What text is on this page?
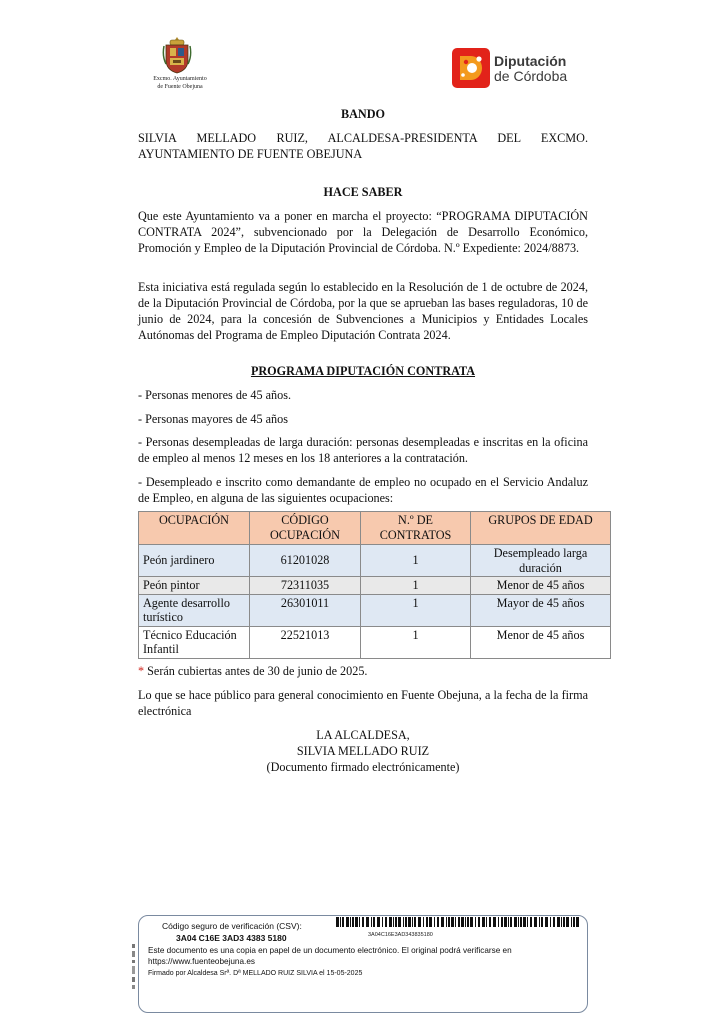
Excmo. Ayuntamiento
de Fuente Obejuna
Diputación
de Córdoba
BANDO
SILVIA MELLADO RUIZ, ALCALDESA-PRESIDENTA DEL EXCMO.
AYUNTAMIENTO DE FUENTE OBEJUNA
HACE SABER
Que este Ayuntamiento va a poner en marcha el proyecto: “PROGRAMA DIPUTACIÓN CONTRATA 2024”, subvencionado por la Delegación de Desarrollo Económico, Promoción y Empleo de la Diputación Provincial de Córdoba. N.º Expediente: 2024/8873.
Esta iniciativa está regulada según lo establecido en la Resolución de 1 de octubre de 2024, de la Diputación Provincial de Córdoba, por la que se aprueban las bases reguladoras, 10 de junio de 2024, para la concesión de Subvenciones a Municipios y Entidades Locales Autónomas del Programa de Empleo Diputación Contrata 2024.
PROGRAMA DIPUTACIÓN CONTRATA
- Personas menores de 45 años.
- Personas mayores de 45 años
- Personas desempleadas de larga duración: personas desempleadas e inscritas en la oficina de empleo al menos 12 meses en los 18 anteriores a la contratación.
- Desempleado e inscrito como demandante de empleo no ocupado en el Servicio Andaluz de Empleo, en alguna de las siguientes ocupaciones:
OCUPACIÓN	CÓDIGO OCUPACIÓN	N.º DE CONTRATOS	GRUPOS DE EDAD
Peón jardinero	61201028	1	Desempleado larga duración
Peón pintor	72311035	1	Menor de 45 años
Agente desarrollo turístico	26301011	1	Mayor de 45 años
Técnico Educación Infantil	22521013	1	Menor de 45 años
* Serán cubiertas antes de 30 de junio de 2025.
Lo que se hace público para general conocimiento en Fuente Obejuna, a la fecha de la firma electrónica
LA ALCALDESA,
SILVIA MELLADO RUIZ
(Documento firmado electrónicamente)
Código seguro de verificación (CSV):
3A04 C16E 3AD3 4383 5180	3A04C16E3AD343835180
Este documento es una copia en papel de un documento electrónico. El original podrá verificarse en
https://www.fuenteobejuna.es
Firmado por Alcaldesa Srª. Dª MELLADO RUIZ SILVIA el 15-05-2025
